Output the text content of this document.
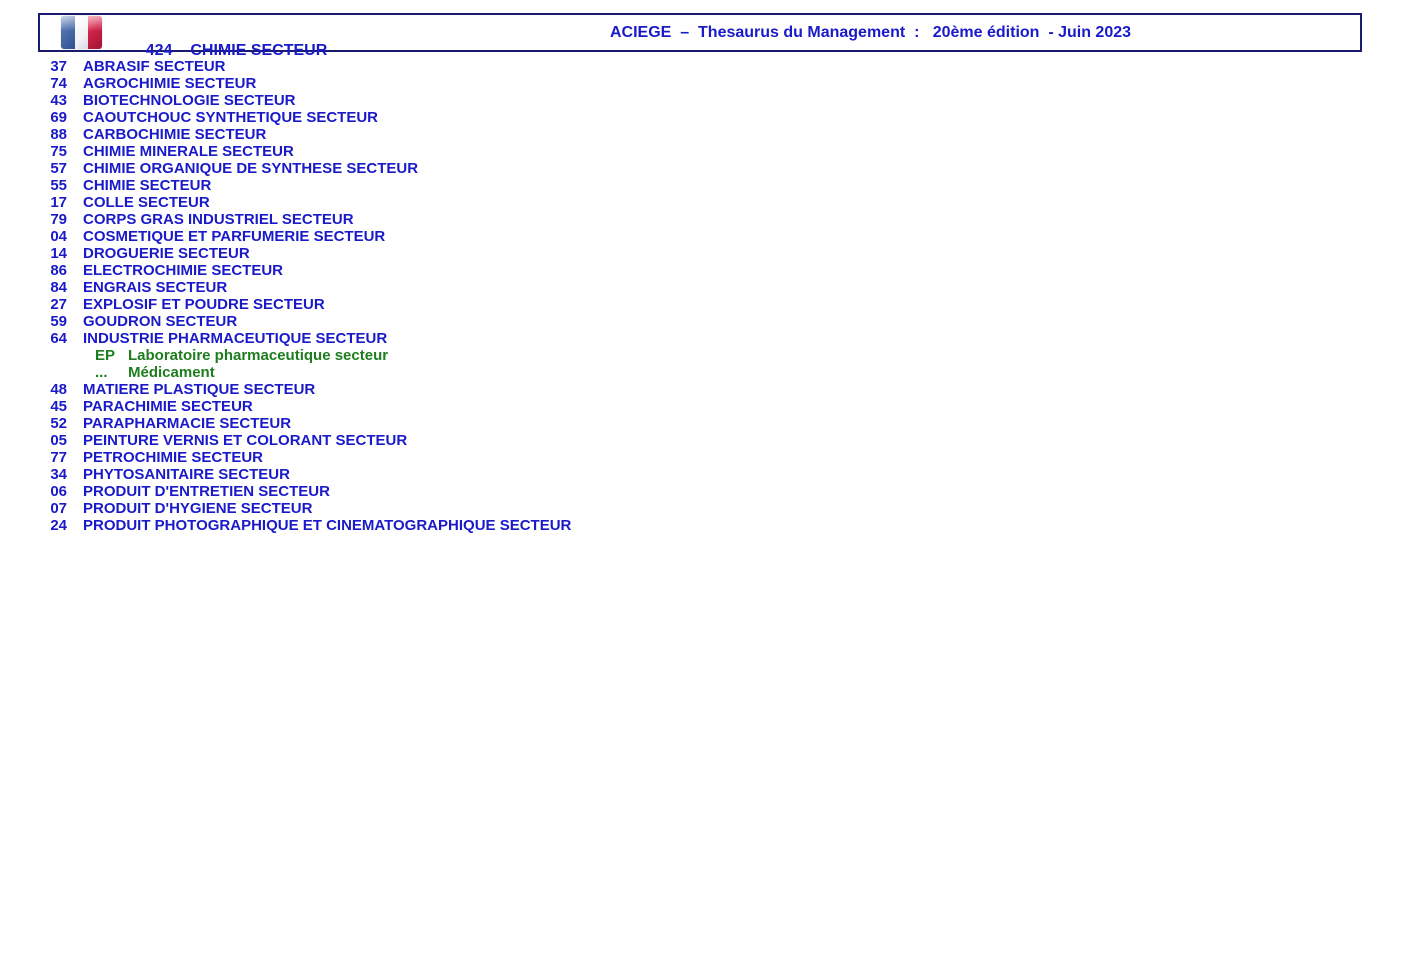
424 CHIMIE SECTEUR

ACIEGE  –  Thesaurus du Management  :   20ème édition  - Juin 2023
37 ABRASIF SECTEUR
74 AGROCHIMIE SECTEUR
43 BIOTECHNOLOGIE SECTEUR
69 CAOUTCHOUC SYNTHETIQUE SECTEUR
88 CARBOCHIMIE SECTEUR
75 CHIMIE MINERALE SECTEUR
57 CHIMIE ORGANIQUE DE SYNTHESE SECTEUR
55 CHIMIE SECTEUR
17 COLLE SECTEUR
79 CORPS GRAS INDUSTRIEL SECTEUR
04 COSMETIQUE ET PARFUMERIE SECTEUR
14 DROGUERIE SECTEUR
86 ELECTROCHIMIE SECTEUR
84 ENGRAIS SECTEUR
27 EXPLOSIF ET POUDRE SECTEUR
59 GOUDRON SECTEUR
64 INDUSTRIE PHARMACEUTIQUE SECTEUR
EP Laboratoire pharmaceutique secteur
...	Médicament
48 MATIERE PLASTIQUE SECTEUR
45 PARACHIMIE SECTEUR
52 PARAPHARMACIE SECTEUR
05 PEINTURE VERNIS ET COLORANT SECTEUR
77 PETROCHIMIE SECTEUR
34 PHYTOSANITAIRE SECTEUR
06 PRODUIT D'ENTRETIEN SECTEUR
07 PRODUIT D'HYGIENE SECTEUR
24 PRODUIT PHOTOGRAPHIQUE ET CINEMATOGRAPHIQUE SECTEUR
